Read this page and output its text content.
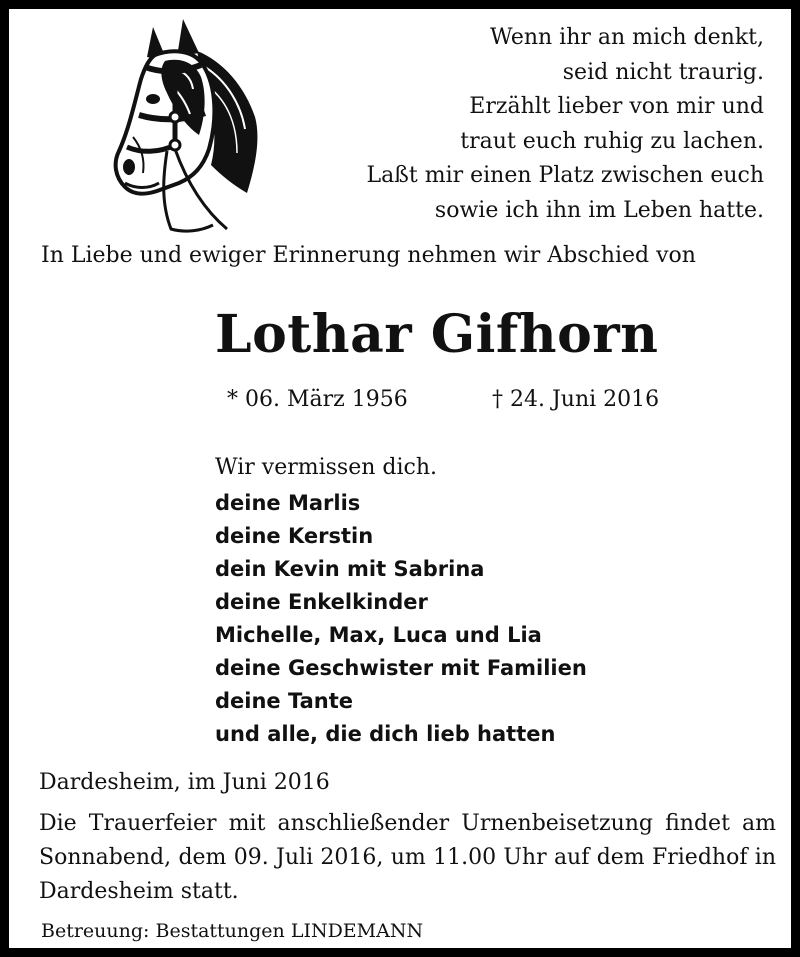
Wenn ihr an mich denkt,
seid nicht traurig.
Erzählt lieber von mir und
traut euch ruhig zu lachen.
Laßt mir einen Platz zwischen euch
sowie ich ihn im Leben hatte.
In Liebe und ewiger Erinnerung nehmen wir Abschied von
Lothar Gifhorn
* 06. März 1956	† 24. Juni 2016
Wir vermissen dich.
deine Marlis
deine Kerstin
dein Kevin mit Sabrina
deine Enkelkinder
Michelle, Max, Luca und Lia
deine Geschwister mit Familien
deine Tante
und alle, die dich lieb hatten
Dardesheim, im Juni 2016
Die Trauerfeier mit anschließender Urnenbeisetzung findet am Sonnabend, dem 09. Juli 2016, um 11.00 Uhr auf dem Friedhof in Dardesheim statt.
Betreuung: Bestattungen LINDEMANN
